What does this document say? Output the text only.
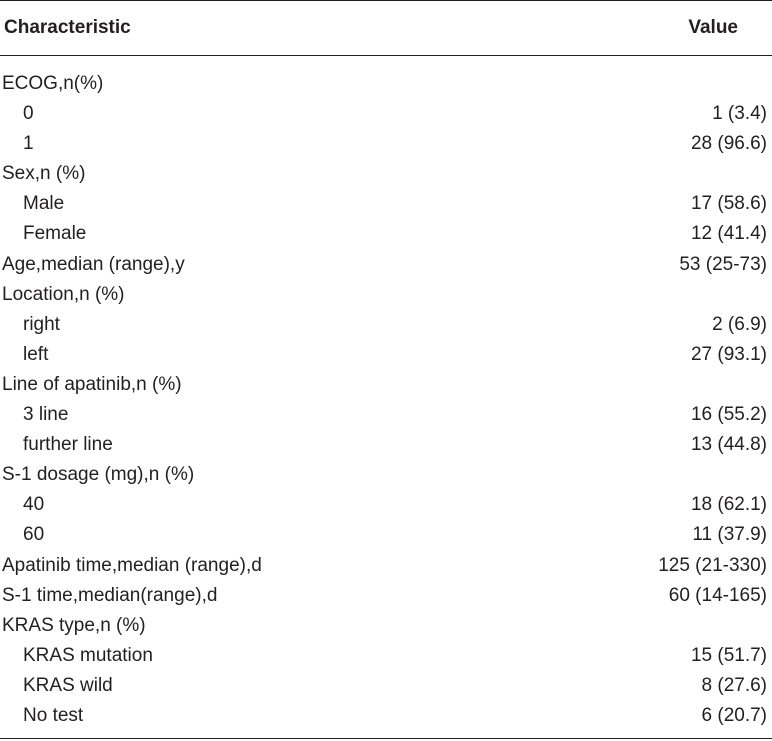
Characteristic	Value
ECOG,n(%)
0	1 (3.4)
1	28 (96.6)
Sex,n (%)
Male	17 (58.6)
Female	12 (41.4)
Age,median (range),y	53 (25-73)
Location,n (%)
right	2 (6.9)
left	27 (93.1)
Line of apatinib,n (%)
3 line	16 (55.2)
further line	13 (44.8)
S-1 dosage (mg),n (%)
40	18 (62.1)
60	11 (37.9)
Apatinib time,median (range),d	125 (21-330)
S-1 time,median(range),d	60 (14-165)
KRAS type,n (%)
KRAS mutation	15 (51.7)
KRAS wild	8 (27.6)
No test	6 (20.7)
